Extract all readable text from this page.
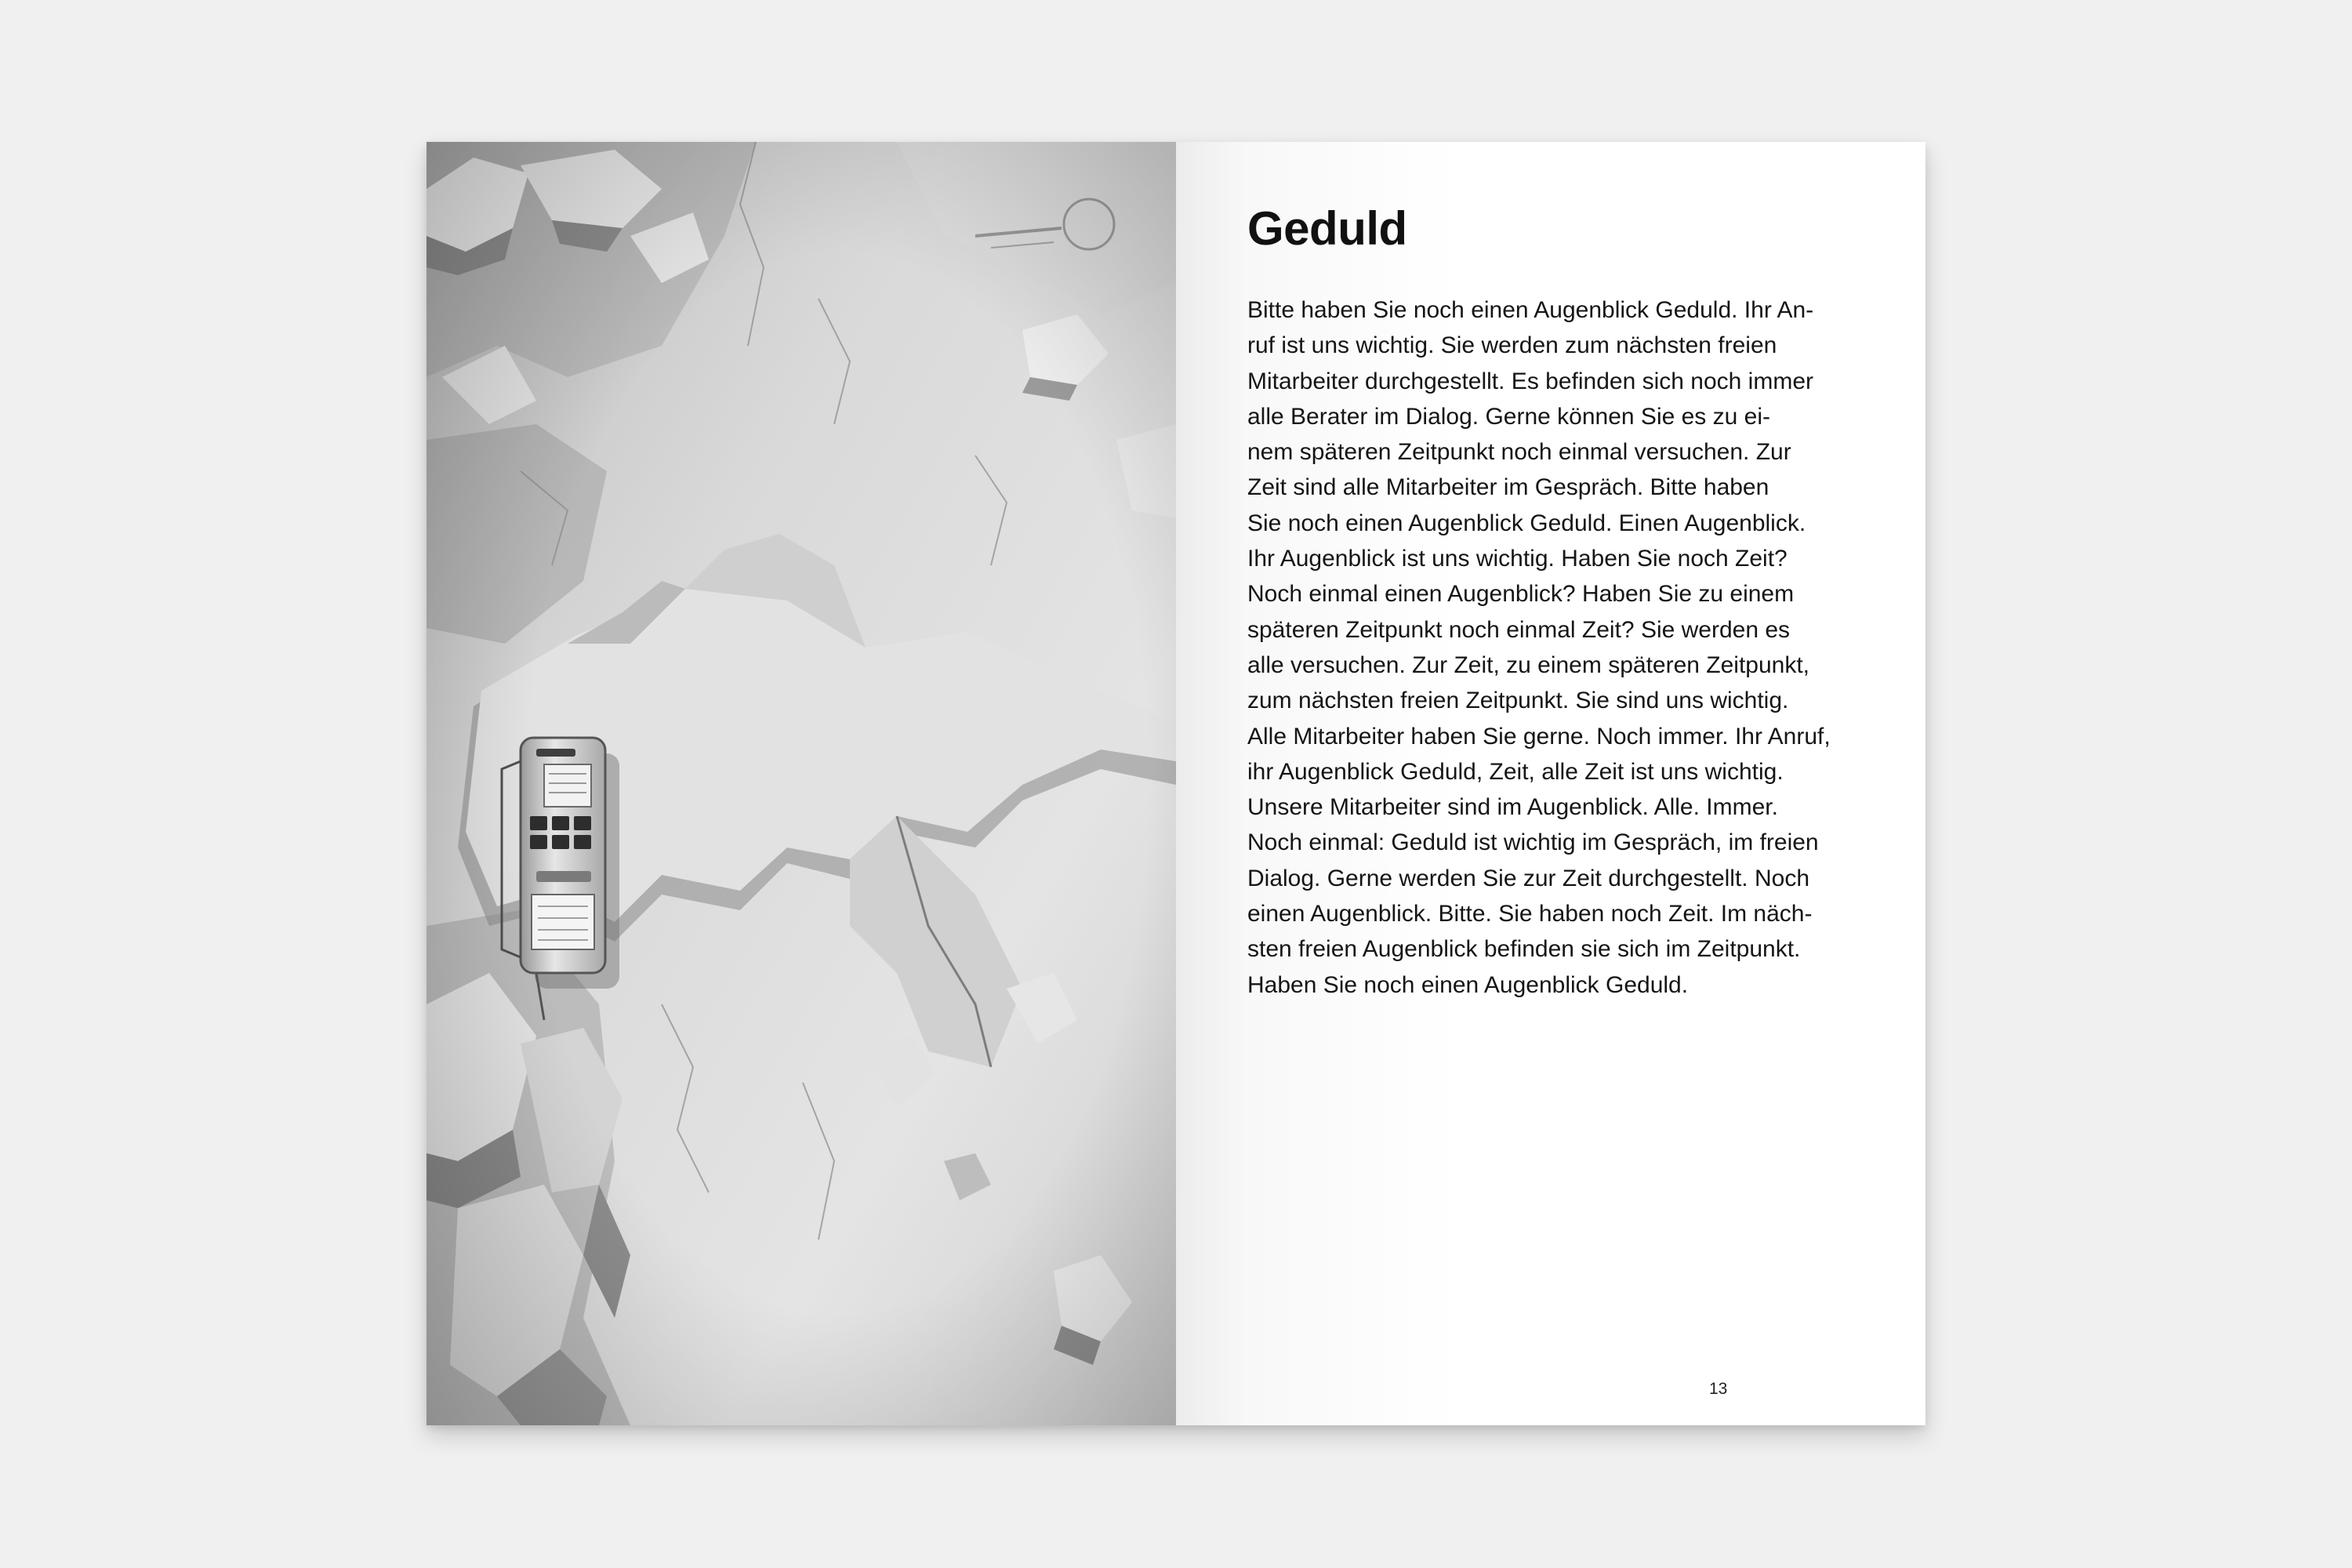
Geduld

Bitte haben Sie noch einen Augenblick Geduld. Ihr An-
ruf ist uns wichtig. Sie werden zum nächsten freien
Mitarbeiter durchgestellt. Es befinden sich noch immer
alle Berater im Dialog. Gerne können Sie es zu ei-
nem späteren Zeitpunkt noch einmal versuchen. Zur
Zeit sind alle Mitarbeiter im Gespräch. Bitte haben
Sie noch einen Augenblick Geduld. Einen Augenblick.
Ihr Augenblick ist uns wichtig. Haben Sie noch Zeit?
Noch einmal einen Augenblick? Haben Sie zu einem
späteren Zeitpunkt noch einmal Zeit? Sie werden es
alle versuchen. Zur Zeit, zu einem späteren Zeitpunkt,
zum nächsten freien Zeitpunkt. Sie sind uns wichtig.
Alle Mitarbeiter haben Sie gerne. Noch immer. Ihr Anruf,
ihr Augenblick Geduld, Zeit, alle Zeit ist uns wichtig.
Unsere Mitarbeiter sind im Augenblick. Alle. Immer.
Noch einmal: Geduld ist wichtig im Gespräch, im freien
Dialog. Gerne werden Sie zur Zeit durchgestellt. Noch
einen Augenblick. Bitte. Sie haben noch Zeit. Im näch-
sten freien Augenblick befinden sie sich im Zeitpunkt.
Haben Sie noch einen Augenblick Geduld.

13
